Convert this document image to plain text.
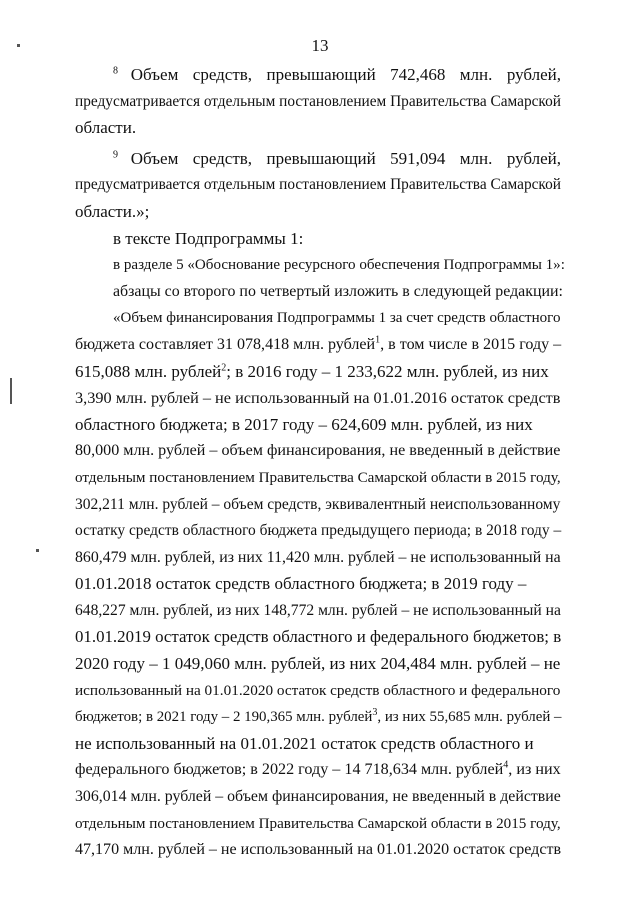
13
$^8$ Объем средств, превышающий 742,468 млн. рублей,
предусматривается отдельным постановлением Правительства Самарской
области.
$^9$ Объем средств, превышающий 591,094 млн. рублей,
предусматривается отдельным постановлением Правительства Самарской
области.»;
в тексте Подпрограммы 1:
в разделе 5 «Обоснование ресурсного обеспечения Подпрограммы 1»:
абзацы со второго по четвертый изложить в следующей редакции:
«Объем финансирования Подпрограммы 1 за счет средств областного
бюджета составляет 31 078,418 млн. рублей$^1$, в том числе в 2015 году –
615,088 млн. рублей$^2$; в 2016 году – 1 233,622 млн. рублей, из них
3,390 млн. рублей – не использованный на 01.01.2016 остаток средств
областного бюджета; в 2017 году – 624,609 млн. рублей, из них
80,000 млн. рублей – объем финансирования, не введенный в действие
отдельным постановлением Правительства Самарской области в 2015 году,
302,211 млн. рублей – объем средств, эквивалентный неиспользованному
остатку средств областного бюджета предыдущего периода; в 2018 году –
860,479 млн. рублей, из них 11,420 млн. рублей – не использованный на
01.01.2018 остаток средств областного бюджета; в 2019 году –
648,227 млн. рублей, из них 148,772 млн. рублей – не использованный на
01.01.2019 остаток средств областного и федерального бюджетов; в
2020 году – 1 049,060 млн. рублей, из них 204,484 млн. рублей – не
использованный на 01.01.2020 остаток средств областного и федерального
бюджетов; в 2021 году – 2 190,365 млн. рублей$^3$, из них 55,685 млн. рублей –
не использованный на 01.01.2021 остаток средств областного и
федерального бюджетов; в 2022 году – 14 718,634 млн. рублей$^4$, из них
306,014 млн. рублей – объем финансирования, не введенный в действие
отдельным постановлением Правительства Самарской области в 2015 году,
47,170 млн. рублей – не использованный на 01.01.2020 остаток средств
